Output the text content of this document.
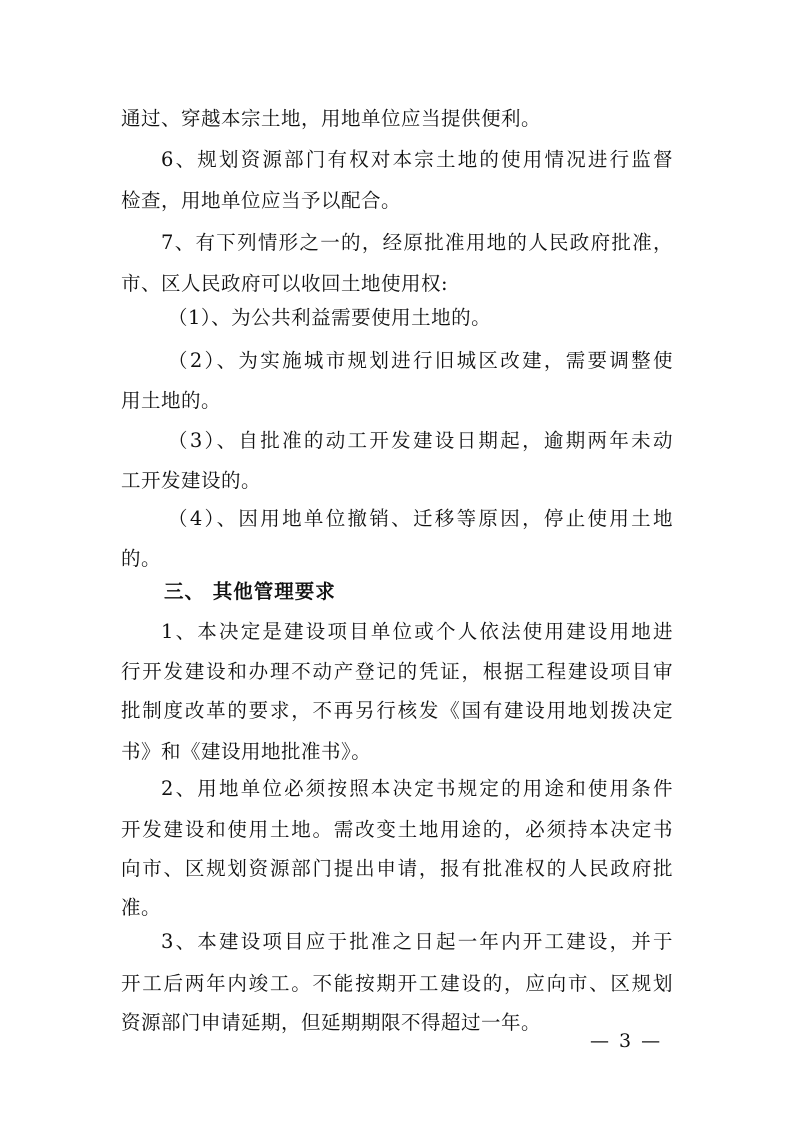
通过、穿越本宗土地，用地单位应当提供便利。
6、规划资源部门有权对本宗土地的使用情况进行监督
检查，用地单位应当予以配合。
7、有下列情形之一的，经原批准用地的人民政府批准，
市、区人民政府可以收回土地使用权:
（1）、为公共利益需要使用土地的。
（2）、为实施城市规划进行旧城区改建，需要调整使
用土地的。
（3）、自批准的动工开发建设日期起，逾期两年未动
工开发建设的。
（4）、因用地单位撤销、迁移等原因，停止使用土地
的。
三、 其他管理要求
1、本决定是建设项目单位或个人依法使用建设用地进
行开发建设和办理不动产登记的凭证，根据工程建设项目审
批制度改革的要求，不再另行核发《国有建设用地划拨决定
书》和《建设用地批准书》。
2、用地单位必须按照本决定书规定的用途和使用条件
开发建设和使用土地。需改变土地用途的，必须持本决定书
向市、区规划资源部门提出申请，报有批准权的人民政府批
准。
3、本建设项目应于批准之日起一年内开工建设，并于
开工后两年内竣工。不能按期开工建设的，应向市、区规划
资源部门申请延期，但延期期限不得超过一年。
— 3 —
